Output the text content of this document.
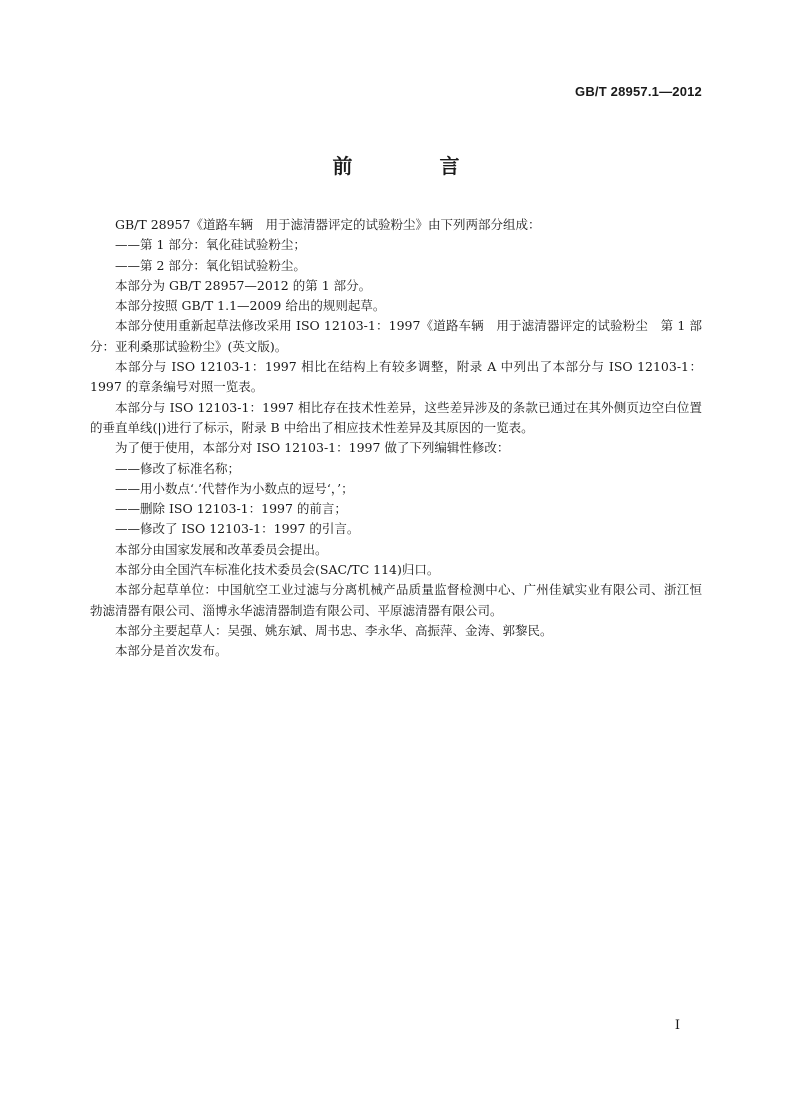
GB/T 28957.1—2012
前 言

GB/T 28957《道路车辆　用于滤清器评定的试验粉尘》由下列两部分组成：

——第 1 部分：氧化硅试验粉尘；

——第 2 部分：氧化铝试验粉尘。

本部分为 GB/T 28957—2012 的第 1 部分。

本部分按照 GB/T 1.1—2009 给出的规则起草。

本部分使用重新起草法修改采用 ISO 12103-1：1997《道路车辆　用于滤清器评定的试验粉尘　第 1 部分：亚利桑那试验粉尘》(英文版)。

本部分与 ISO 12103-1：1997 相比在结构上有较多调整，附录 A 中列出了本部分与 ISO 12103-1：1997 的章条编号对照一览表。

本部分与 ISO 12103-1：1997 相比存在技术性差异，这些差异涉及的条款已通过在其外侧页边空白位置的垂直单线(|)进行了标示，附录 B 中给出了相应技术性差异及其原因的一览表。

为了便于使用，本部分对 ISO 12103-1：1997 做了下列编辑性修改：

——修改了标准名称；

——用小数点‘.’代替作为小数点的逗号‘，’；

——删除 ISO 12103-1：1997 的前言；

——修改了 ISO 12103-1：1997 的引言。

本部分由国家发展和改革委员会提出。

本部分由全国汽车标准化技术委员会(SAC/TC 114)归口。

本部分起草单位：中国航空工业过滤与分离机械产品质量监督检测中心、广州佳斌实业有限公司、浙江恒勃滤清器有限公司、淄博永华滤清器制造有限公司、平原滤清器有限公司。

本部分主要起草人：吴强、姚东斌、周书忠、李永华、高振萍、金涛、郭黎民。

本部分是首次发布。

I
